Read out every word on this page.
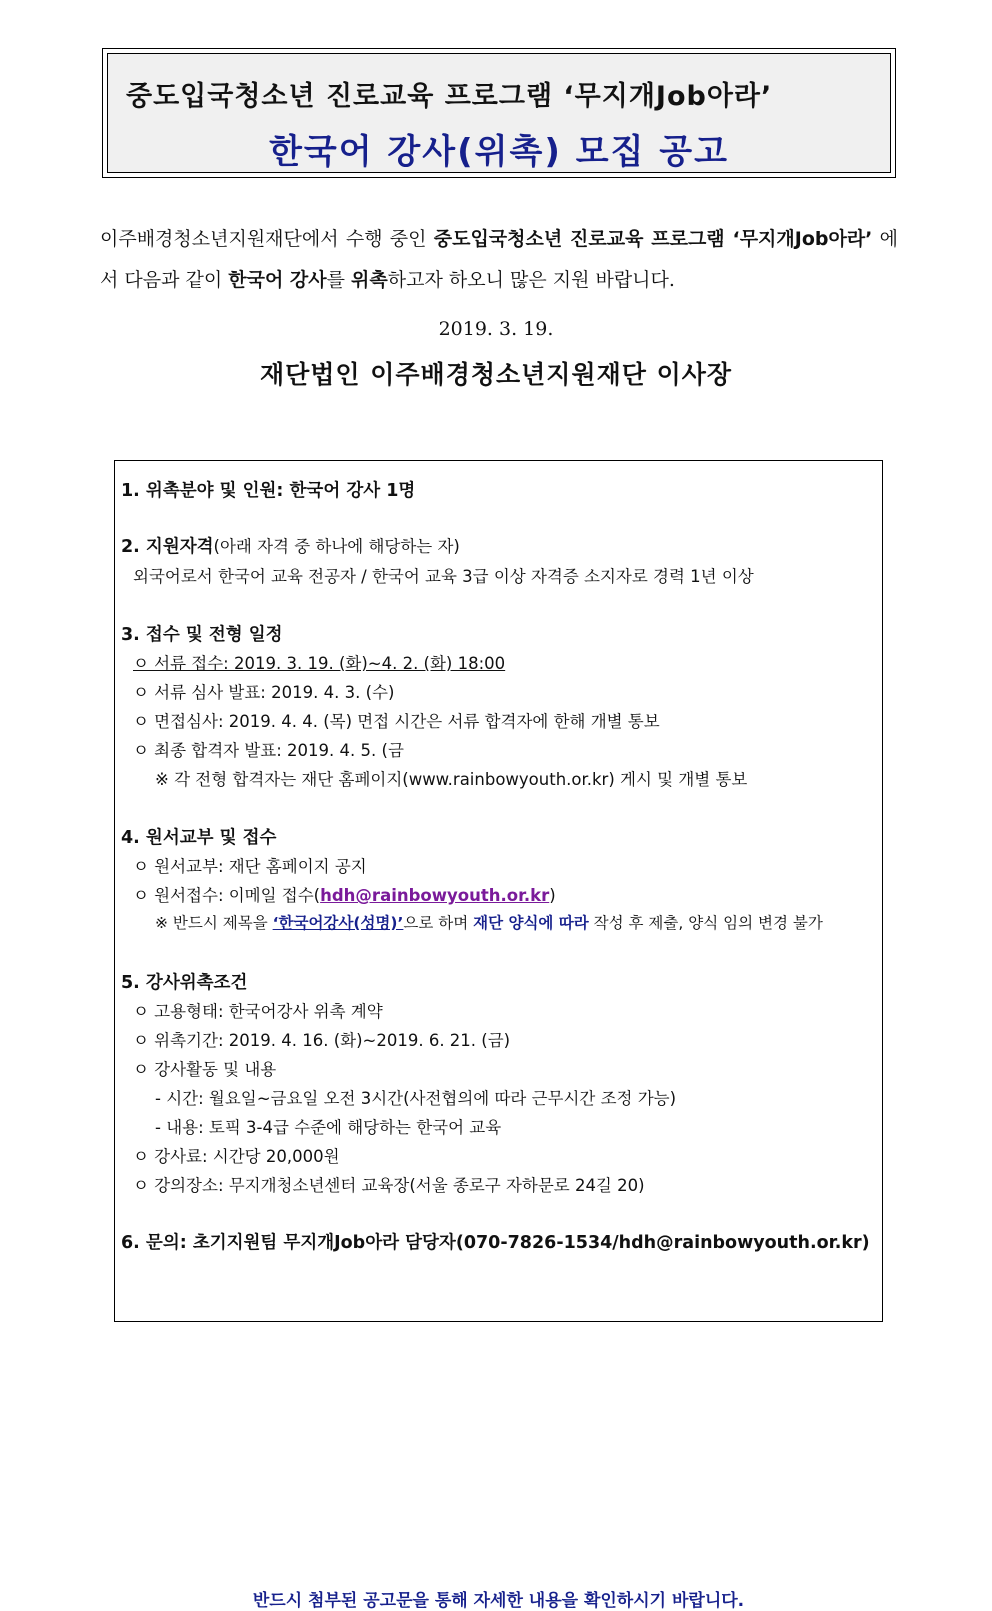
중도입국청소년 진로교육 프로그램 ‘무지개Job아라’
한국어 강사(위촉) 모집 공고
이주배경청소년지원재단에서 수행 중인 중도입국청소년 진로교육 프로그램 ‘무지개Job아라’ 에서 다음과 같이 한국어 강사를 위촉하고자 하오니 많은 지원 바랍니다.
2019. 3. 19.
재단법인 이주배경청소년지원재단 이사장
1. 위촉분야 및 인원: 한국어 강사 1명
2. 지원자격(아래 자격 중 하나에 해당하는 자)
외국어로서 한국어 교육 전공자 / 한국어 교육 3급 이상 자격증 소지자로 경력 1년 이상
3. 접수 및 전형 일정
ㅇ 서류 접수: 2019. 3. 19. (화)~4. 2. (화) 18:00
ㅇ 서류 심사 발표: 2019. 4. 3. (수)
ㅇ 면접심사: 2019. 4. 4. (목) 면접 시간은 서류 합격자에 한해 개별 통보
ㅇ 최종 합격자 발표: 2019. 4. 5. (금
※ 각 전형 합격자는 재단 홈페이지(www.rainbowyouth.or.kr) 게시 및 개별 통보
4. 원서교부 및 접수
ㅇ 원서교부: 재단 홈페이지 공지
ㅇ 원서접수: 이메일 접수(hdh@rainbowyouth.or.kr)
※ 반드시 제목을 ‘한국어강사(성명)’으로 하며 재단 양식에 따라 작성 후 제출, 양식 임의 변경 불가
5. 강사위촉조건
ㅇ 고용형태: 한국어강사 위촉 계약
ㅇ 위촉기간: 2019. 4. 16. (화)~2019. 6. 21. (금)
ㅇ 강사활동 및 내용
- 시간: 월요일~금요일 오전 3시간(사전협의에 따라 근무시간 조정 가능)
- 내용: 토픽 3-4급 수준에 해당하는 한국어 교육
ㅇ 강사료: 시간당 20,000원
ㅇ 강의장소: 무지개청소년센터 교육장(서울 종로구 자하문로 24길 20)
6. 문의: 초기지원팀 무지개Job아라 담당자(070-7826-1534/hdh@rainbowyouth.or.kr)
반드시 첨부된 공고문을 통해 자세한 내용을 확인하시기 바랍니다.
